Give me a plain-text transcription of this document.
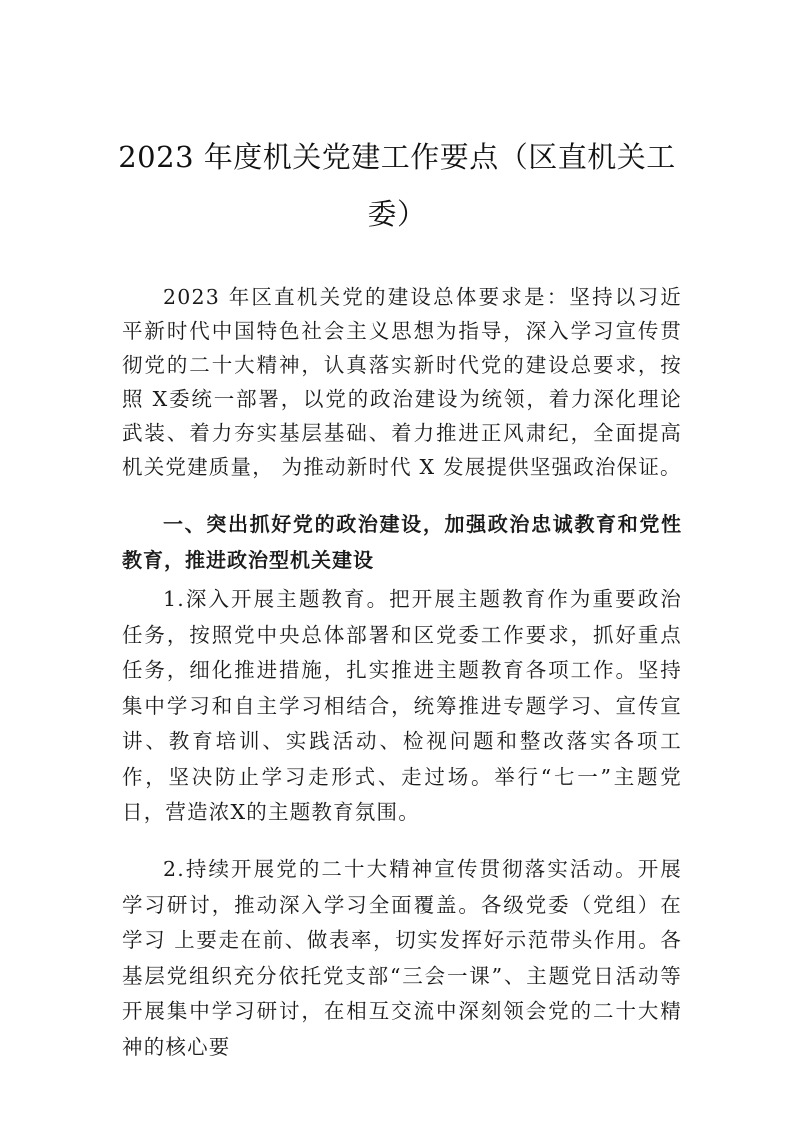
2023 年度机关党建工作要点（区直机关工
委）
2023 年区直机关党的建设总体要求是：坚持以习近平新时代中国特色社会主义思想为指导，深入学习宣传贯彻党的二十大精神，认真落实新时代党的建设总要求，按照 X委统一部署，以党的政治建设为统领，着力深化理论武装、着力夯实基层基础、着力推进正风肃纪，全面提高机关党建质量， 为推动新时代 X 发展提供坚强政治保证。
一、突出抓好党的政治建设，加强政治忠诚教育和党性教育，推进政治型机关建设
1.深入开展主题教育。把开展主题教育作为重要政治任务，按照党中央总体部署和区党委工作要求，抓好重点任务，细化推进措施，扎实推进主题教育各项工作。坚持集中学习和自主学习相结合，统筹推进专题学习、宣传宣讲、教育培训、实践活动、检视问题和整改落实各项工作，坚决防止学习走形式、走过场。举行“七一”主题党日，营造浓X的主题教育氛围。
2.持续开展党的二十大精神宣传贯彻落实活动。开展学习研讨，推动深入学习全面覆盖。各级党委（党组）在学习 上要走在前、做表率，切实发挥好示范带头作用。各基层党组织充分依托党支部“三会一课”、主题党日活动等开展集中学习研讨，在相互交流中深刻领会党的二十大精神的核心要
